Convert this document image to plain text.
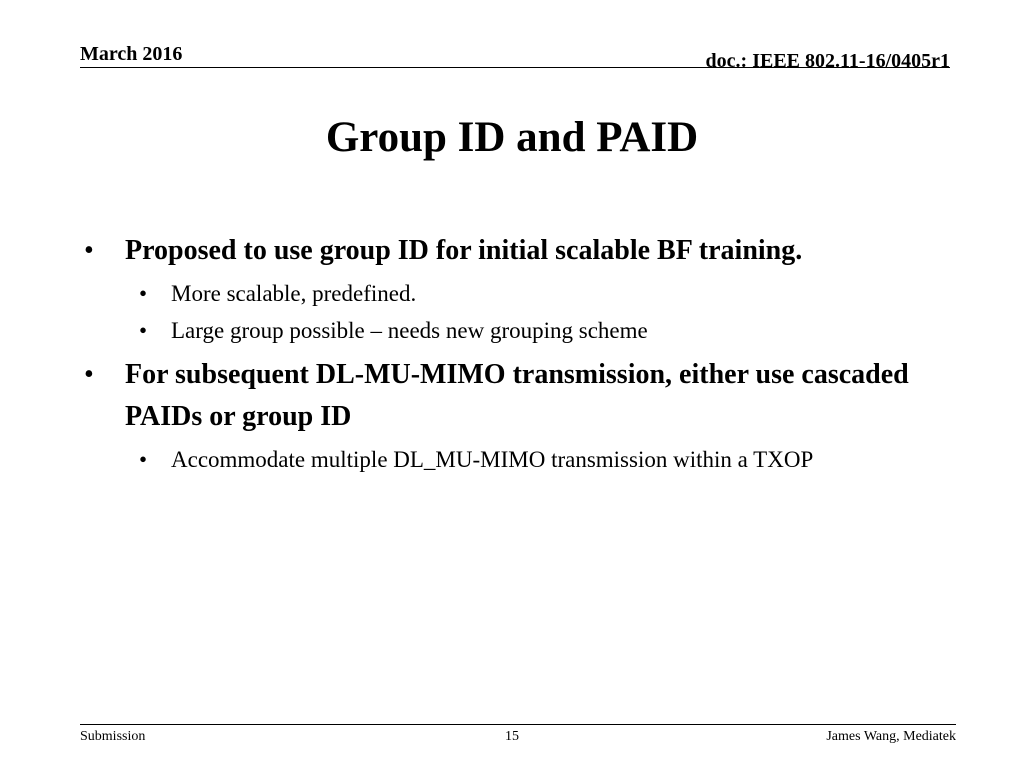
March 2016	doc.: IEEE 802.11-16/0405r1
Group ID and PAID
• Proposed to use group ID for initial scalable BF training.
• More scalable, predefined.
• Large group possible – needs new grouping scheme
• For subsequent DL-MU-MIMO transmission, either use cascaded PAIDs or group ID
• Accommodate multiple DL_MU-MIMO transmission within a TXOP
Submission	15	James Wang, Mediatek
